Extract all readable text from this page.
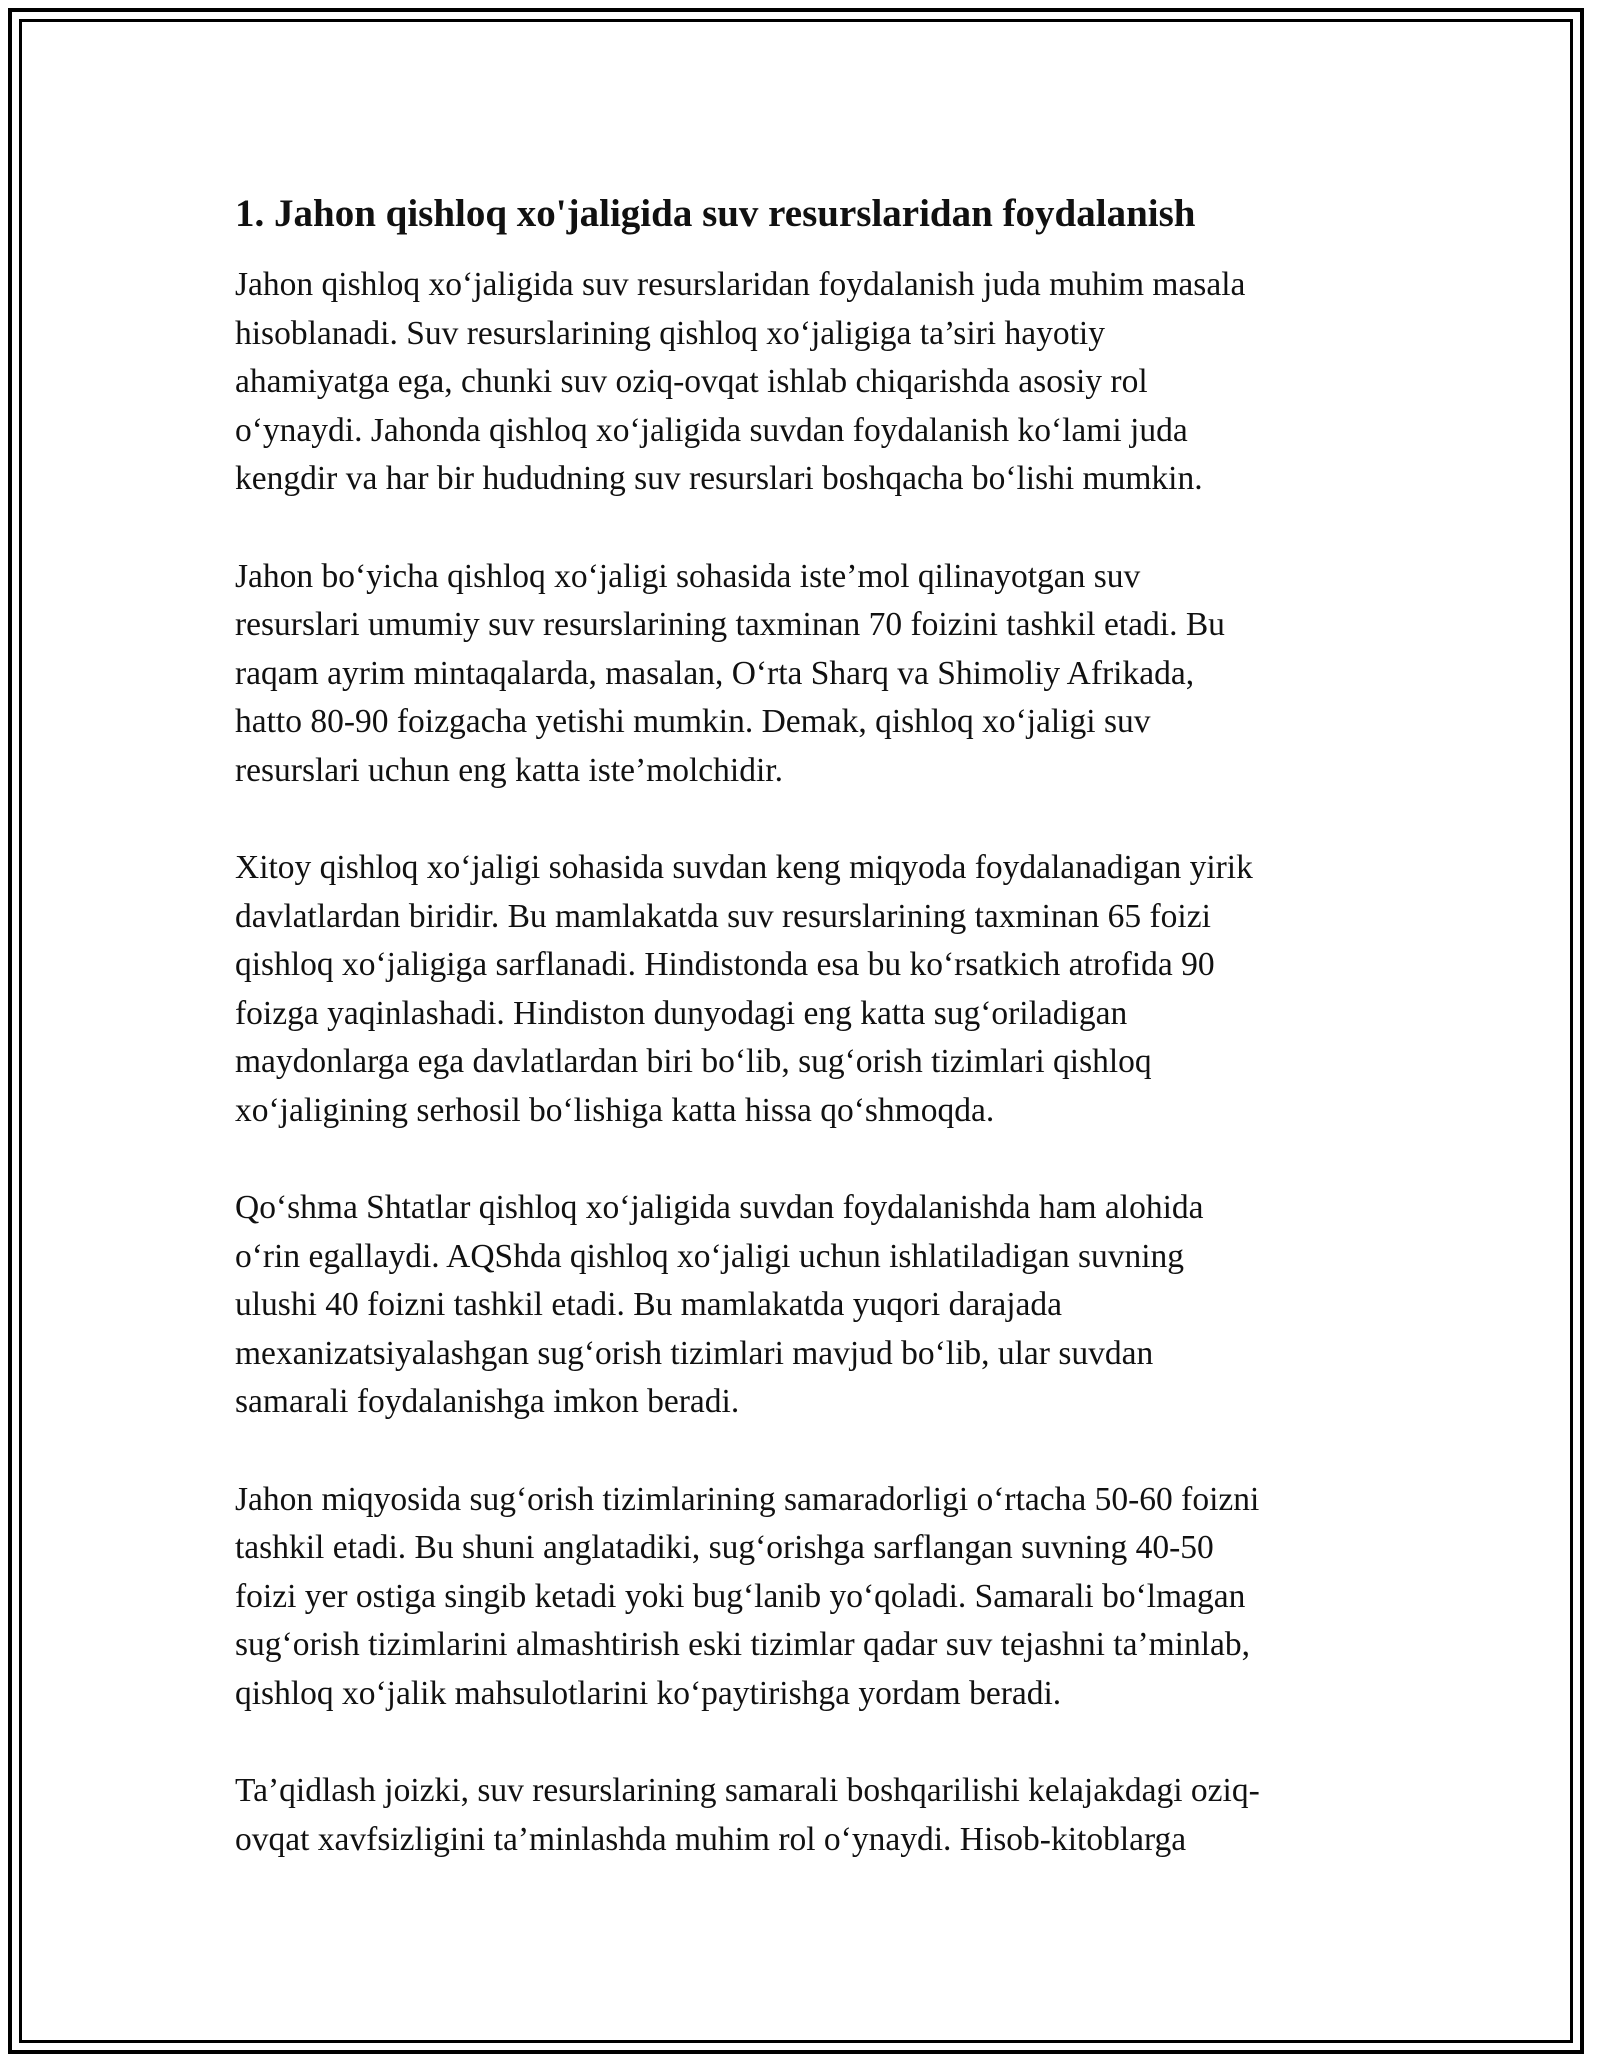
1. Jahon qishloq xo'jaligida suv resurslaridan foydalanish

Jahon qishloq xo‘jaligida suv resurslaridan foydalanish juda muhim masala
hisoblanadi. Suv resurslarining qishloq xo‘jaligiga ta’siri hayotiy
ahamiyatga ega, chunki suv oziq-ovqat ishlab chiqarishda asosiy rol
o‘ynaydi. Jahonda qishloq xo‘jaligida suvdan foydalanish ko‘lami juda
kengdir va har bir hududning suv resurslari boshqacha bo‘lishi mumkin.

Jahon bo‘yicha qishloq xo‘jaligi sohasida iste’mol qilinayotgan suv
resurslari umumiy suv resurslarining taxminan 70 foizini tashkil etadi. Bu
raqam ayrim mintaqalarda, masalan, O‘rta Sharq va Shimoliy Afrikada,
hatto 80-90 foizgacha yetishi mumkin. Demak, qishloq xo‘jaligi suv
resurslari uchun eng katta iste’molchidir.

Xitoy qishloq xo‘jaligi sohasida suvdan keng miqyoda foydalanadigan yirik
davlatlardan biridir. Bu mamlakatda suv resurslarining taxminan 65 foizi
qishloq xo‘jaligiga sarflanadi. Hindistonda esa bu ko‘rsatkich atrofida 90
foizga yaqinlashadi. Hindiston dunyodagi eng katta sug‘oriladigan
maydonlarga ega davlatlardan biri bo‘lib, sug‘orish tizimlari qishloq
xo‘jaligining serhosil bo‘lishiga katta hissa qo‘shmoqda.

Qo‘shma Shtatlar qishloq xo‘jaligida suvdan foydalanishda ham alohida
o‘rin egallaydi. AQShda qishloq xo‘jaligi uchun ishlatiladigan suvning
ulushi 40 foizni tashkil etadi. Bu mamlakatda yuqori darajada
mexanizatsiyalashgan sug‘orish tizimlari mavjud bo‘lib, ular suvdan
samarali foydalanishga imkon beradi.

Jahon miqyosida sug‘orish tizimlarining samaradorligi o‘rtacha 50-60 foizni
tashkil etadi. Bu shuni anglatadiki, sug‘orishga sarflangan suvning 40-50
foizi yer ostiga singib ketadi yoki bug‘lanib yo‘qoladi. Samarali bo‘lmagan
sug‘orish tizimlarini almashtirish eski tizimlar qadar suv tejashni ta’minlab,
qishloq xo‘jalik mahsulotlarini ko‘paytirishga yordam beradi.

Ta’qidlash joizki, suv resurslarining samarali boshqarilishi kelajakdagi oziq-
ovqat xavfsizligini ta’minlashda muhim rol o‘ynaydi. Hisob-kitoblarga
